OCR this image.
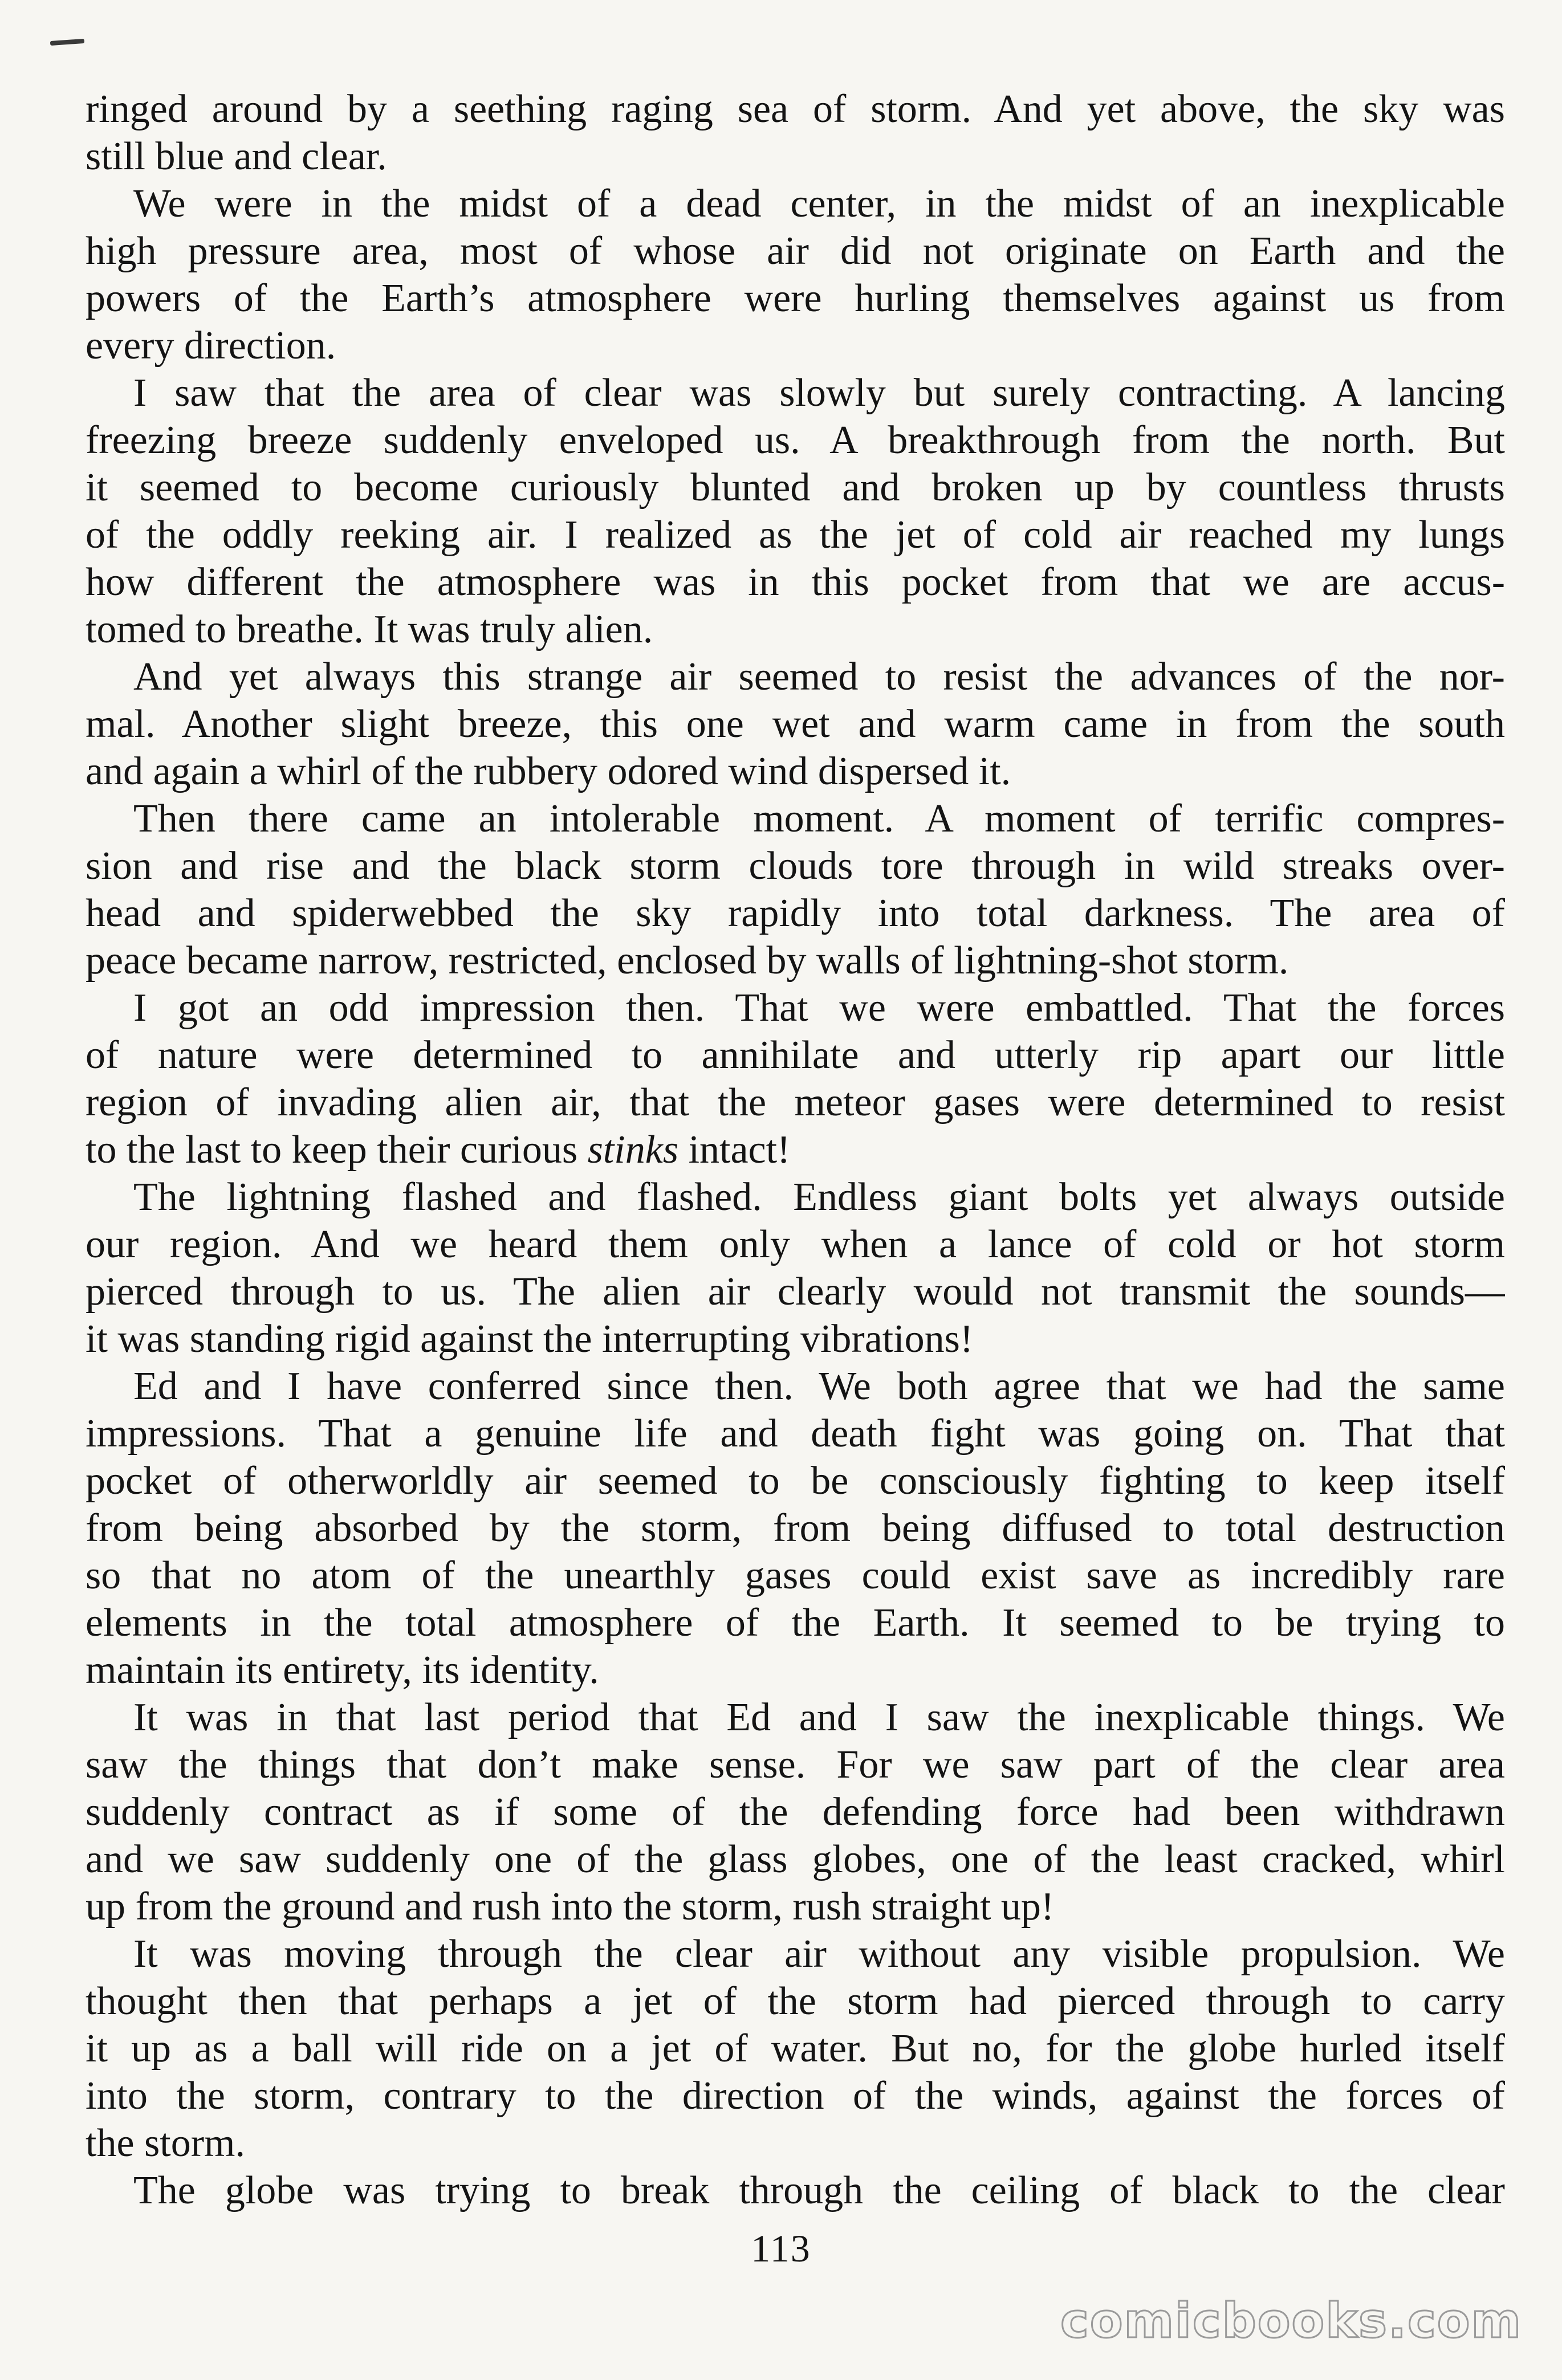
ringed around by a seething raging sea of storm. And yet above, the sky was
still blue and clear.
We were in the midst of a dead center, in the midst of an inexplicable
high pressure area, most of whose air did not originate on Earth and the
powers of the Earth’s atmosphere were hurling themselves against us from
every direction.
I saw that the area of clear was slowly but surely contracting. A lancing
freezing breeze suddenly enveloped us. A breakthrough from the north. But
it seemed to become curiously blunted and broken up by countless thrusts
of the oddly reeking air. I realized as the jet of cold air reached my lungs
how different the atmosphere was in this pocket from that we are accus-
tomed to breathe. It was truly alien.
And yet always this strange air seemed to resist the advances of the nor-
mal. Another slight breeze, this one wet and warm came in from the south
and again a whirl of the rubbery odored wind dispersed it.
Then there came an intolerable moment. A moment of terrific compres-
sion and rise and the black storm clouds tore through in wild streaks over-
head and spiderwebbed the sky rapidly into total darkness. The area of
peace became narrow, restricted, enclosed by walls of lightning-shot storm.
I got an odd impression then. That we were embattled. That the forces
of nature were determined to annihilate and utterly rip apart our little
region of invading alien air, that the meteor gases were determined to resist
to the last to keep their curious stinks intact!
The lightning flashed and flashed. Endless giant bolts yet always outside
our region. And we heard them only when a lance of cold or hot storm
pierced through to us. The alien air clearly would not transmit the sounds—
it was standing rigid against the interrupting vibrations!
Ed and I have conferred since then. We both agree that we had the same
impressions. That a genuine life and death fight was going on. That that
pocket of otherworldly air seemed to be consciously fighting to keep itself
from being absorbed by the storm, from being diffused to total destruction
so that no atom of the unearthly gases could exist save as incredibly rare
elements in the total atmosphere of the Earth. It seemed to be trying to
maintain its entirety, its identity.
It was in that last period that Ed and I saw the inexplicable things. We
saw the things that don’t make sense. For we saw part of the clear area
suddenly contract as if some of the defending force had been withdrawn
and we saw suddenly one of the glass globes, one of the least cracked, whirl
up from the ground and rush into the storm, rush straight up!
It was moving through the clear air without any visible propulsion. We
thought then that perhaps a jet of the storm had pierced through to carry
it up as a ball will ride on a jet of water. But no, for the globe hurled itself
into the storm, contrary to the direction of the winds, against the forces of
the storm.
The globe was trying to break through the ceiling of black to the clear
113
comicbooks.com
